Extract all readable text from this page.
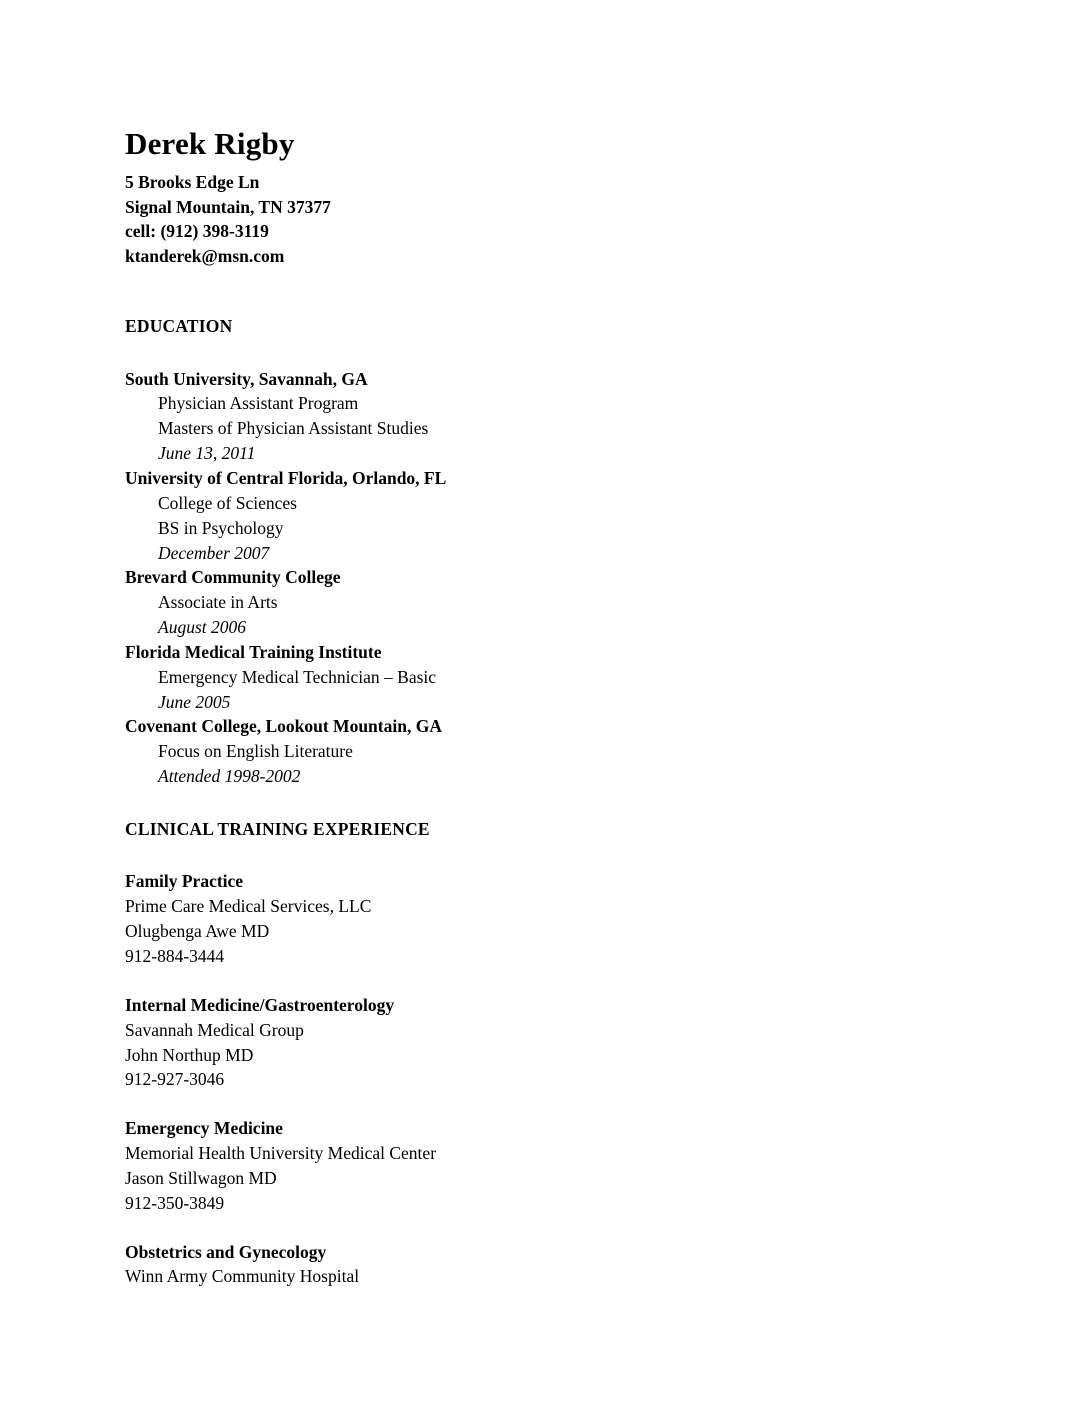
Derek Rigby

5 Brooks Edge Ln

Signal Mountain, TN 37377

cell: (912) 398-3119

ktanderek@msn.com

EDUCATION

South University, Savannah, GA

Physician Assistant Program

Masters of Physician Assistant Studies

June 13, 2011

University of Central Florida, Orlando, FL

College of Sciences

BS in Psychology

December 2007

Brevard Community College

Associate in Arts

August 2006

Florida Medical Training Institute

Emergency Medical Technician – Basic

June 2005

Covenant College, Lookout Mountain, GA

Focus on English Literature

Attended 1998-2002

CLINICAL TRAINING EXPERIENCE

Family Practice

Prime Care Medical Services, LLC

Olugbenga Awe MD

912-884-3444

Internal Medicine/Gastroenterology

Savannah Medical Group

John Northup MD

912-927-3046

Emergency Medicine

Memorial Health University Medical Center

Jason Stillwagon MD

912-350-3849

Obstetrics and Gynecology

Winn Army Community Hospital
